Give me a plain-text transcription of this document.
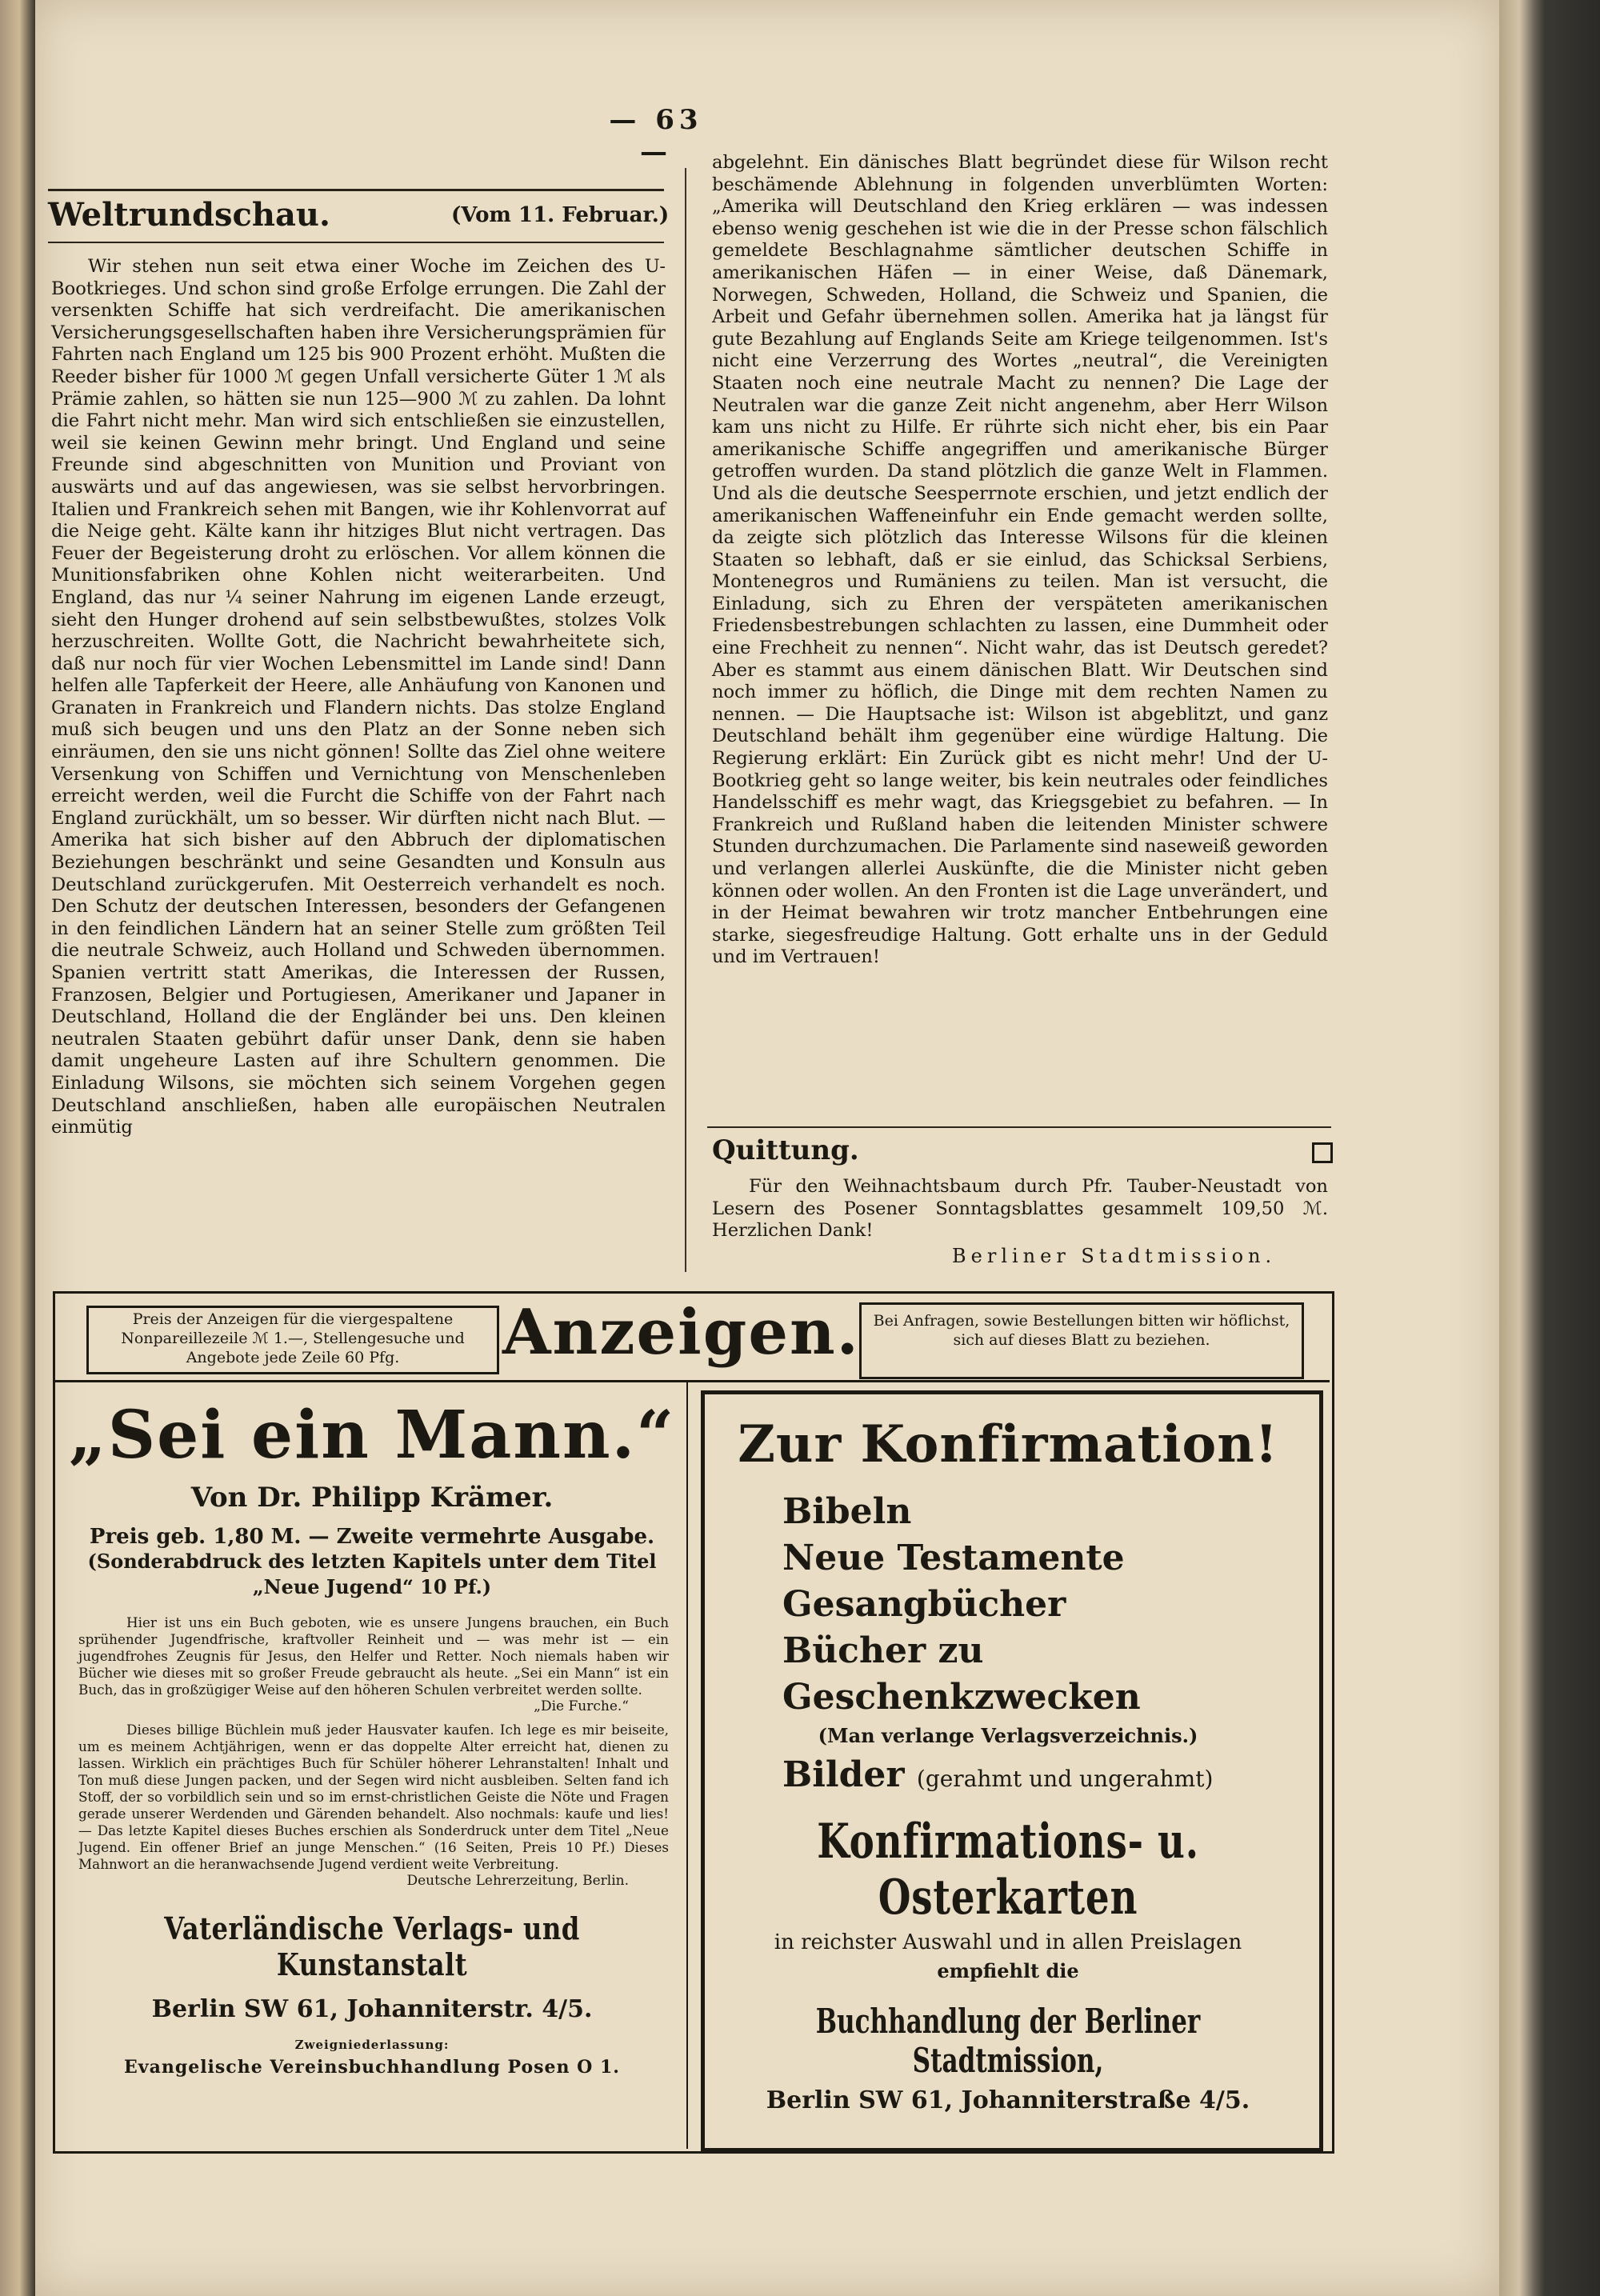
— 63 —
Weltrundschau.	(Vom 11. Februar.)

Wir stehen nun seit etwa einer Woche im Zeichen des U-Bootkrieges. Und schon sind große Erfolge errungen. Die Zahl der versenkten Schiffe hat sich verdreifacht. Die amerikanischen Versicherungsgesellschaften haben ihre Versicherungsprämien für Fahrten nach England um 125 bis 900 Prozent erhöht. Mußten die Reeder bisher für 1000 ℳ gegen Unfall versicherte Güter 1 ℳ als Prämie zahlen, so hätten sie nun 125—900 ℳ zu zahlen. Da lohnt die Fahrt nicht mehr. Man wird sich entschließen sie einzustellen, weil sie keinen Gewinn mehr bringt. Und England und seine Freunde sind abgeschnitten von Munition und Proviant von auswärts und auf das angewiesen, was sie selbst hervorbringen. Italien und Frankreich sehen mit Bangen, wie ihr Kohlenvorrat auf die Neige geht. Kälte kann ihr hitziges Blut nicht vertragen. Das Feuer der Begeisterung droht zu erlöschen. Vor allem können die Munitionsfabriken ohne Kohlen nicht weiterarbeiten. Und England, das nur ¼ seiner Nahrung im eigenen Lande erzeugt, sieht den Hunger drohend auf sein selbstbewußtes, stolzes Volk herzuschreiten. Wollte Gott, die Nachricht bewahrheitete sich, daß nur noch für vier Wochen Lebensmittel im Lande sind! Dann helfen alle Tapferkeit der Heere, alle Anhäufung von Kanonen und Granaten in Frankreich und Flandern nichts. Das stolze England muß sich beugen und uns den Platz an der Sonne neben sich einräumen, den sie uns nicht gönnen! Sollte das Ziel ohne weitere Versenkung von Schiffen und Vernichtung von Menschenleben erreicht werden, weil die Furcht die Schiffe von der Fahrt nach England zurückhält, um so besser. Wir dürften nicht nach Blut. — Amerika hat sich bisher auf den Abbruch der diplomatischen Beziehungen beschränkt und seine Gesandten und Konsuln aus Deutschland zurückgerufen. Mit Oesterreich verhandelt es noch. Den Schutz der deutschen Interessen, besonders der Gefangenen in den feindlichen Ländern hat an seiner Stelle zum größten Teil die neutrale Schweiz, auch Holland und Schweden übernommen. Spanien vertritt statt Amerikas, die Interessen der Russen, Franzosen, Belgier und Portugiesen, Amerikaner und Japaner in Deutschland, Holland die der Engländer bei uns. Den kleinen neutralen Staaten gebührt dafür unser Dank, denn sie haben damit ungeheure Lasten auf ihre Schultern genommen. Die Einladung Wilsons, sie möchten sich seinem Vorgehen gegen Deutschland anschließen, haben alle europäischen Neutralen einmütig

abgelehnt. Ein dänisches Blatt begründet diese für Wilson recht beschämende Ablehnung in folgenden unverblümten Worten: „Amerika will Deutschland den Krieg erklären — was indessen ebenso wenig geschehen ist wie die in der Presse schon fälschlich gemeldete Beschlagnahme sämtlicher deutschen Schiffe in amerikanischen Häfen — in einer Weise, daß Dänemark, Norwegen, Schweden, Holland, die Schweiz und Spanien, die Arbeit und Gefahr übernehmen sollen. Amerika hat ja längst für gute Bezahlung auf Englands Seite am Kriege teilgenommen. Ist's nicht eine Verzerrung des Wortes „neutral“, die Vereinigten Staaten noch eine neutrale Macht zu nennen? Die Lage der Neutralen war die ganze Zeit nicht angenehm, aber Herr Wilson kam uns nicht zu Hilfe. Er rührte sich nicht eher, bis ein Paar amerikanische Schiffe angegriffen und amerikanische Bürger getroffen wurden. Da stand plötzlich die ganze Welt in Flammen. Und als die deutsche Seesperrnote erschien, und jetzt endlich der amerikanischen Waffeneinfuhr ein Ende gemacht werden sollte, da zeigte sich plötzlich das Interesse Wilsons für die kleinen Staaten so lebhaft, daß er sie einlud, das Schicksal Serbiens, Montenegros und Rumäniens zu teilen. Man ist versucht, die Einladung, sich zu Ehren der verspäteten amerikanischen Friedensbestrebungen schlachten zu lassen, eine Dummheit oder eine Frechheit zu nennen“. Nicht wahr, das ist Deutsch geredet? Aber es stammt aus einem dänischen Blatt. Wir Deutschen sind noch immer zu höflich, die Dinge mit dem rechten Namen zu nennen. — Die Hauptsache ist: Wilson ist abgeblitzt, und ganz Deutschland behält ihm gegenüber eine würdige Haltung. Die Regierung erklärt: Ein Zurück gibt es nicht mehr! Und der U-Bootkrieg geht so lange weiter, bis kein neutrales oder feindliches Handelsschiff es mehr wagt, das Kriegsgebiet zu befahren. — In Frankreich und Rußland haben die leitenden Minister schwere Stunden durchzumachen. Die Parlamente sind naseweiß geworden und verlangen allerlei Auskünfte, die die Minister nicht geben können oder wollen. An den Fronten ist die Lage unverändert, und in der Heimat bewahren wir trotz mancher Entbehrungen eine starke, siegesfreudige Haltung. Gott erhalte uns in der Geduld und im Vertrauen!

Quittung.
Für den Weihnachtsbaum durch Pfr. Tauber-Neustadt von Lesern des Posener Sonntagsblattes gesammelt 109,50 ℳ. Herzlichen Dank!
Berliner Stadtmission.
Preis der Anzeigen für die viergespaltene Nonpareillezeile ℳ 1.—, Stellengesuche und Angebote jede Zeile 60 Pfg.	Anzeigen. Bei Anfragen, sowie Bestellungen bitten wir höflichst, sich auf dieses Blatt zu beziehen.
„Sei ein Mann.“
Von Dr. Philipp Krämer.
Preis geb. 1,80 M. — Zweite vermehrte Ausgabe.
(Sonderabdruck des letzten Kapitels unter dem Titel
„Neue Jugend“ 10 Pf.)

Hier ist uns ein Buch geboten, wie es unsere Jungens brauchen, ein Buch sprühender Jugendfrische, kraftvoller Reinheit und — was mehr ist — ein jugendfrohes Zeugnis für Jesus, den Helfer und Retter. Noch niemals haben wir Bücher wie dieses mit so großer Freude gebraucht als heute. „Sei ein Mann“ ist ein Buch, das in großzügiger Weise auf den höheren Schulen verbreitet werden sollte.

„Die Furche.“

Dieses billige Büchlein muß jeder Hausvater kaufen. Ich lege es mir beiseite, um es meinem Achtjährigen, wenn er das doppelte Alter erreicht hat, dienen zu lassen. Wirklich ein prächtiges Buch für Schüler höherer Lehranstalten! Inhalt und Ton muß diese Jungen packen, und der Segen wird nicht ausbleiben. Selten fand ich Stoff, der so vorbildlich sein und so im ernst-christlichen Geiste die Nöte und Fragen gerade unserer Werdenden und Gärenden behandelt. Also nochmals: kaufe und lies! — Das letzte Kapitel dieses Buches erschien als Sonderdruck unter dem Titel „Neue Jugend. Ein offener Brief an junge Menschen.“ (16 Seiten, Preis 10 Pf.) Dieses Mahnwort an die heranwachsende Jugend verdient weite Verbreitung.

Deutsche Lehrerzeitung, Berlin.
Vaterländische Verlags- und Kunstanstalt
Berlin SW 61, Johanniterstr. 4/5.
Zweigniederlassung:
Evangelische Vereinsbuchhandlung Posen O 1.
Zur Konfirmation!
Bibeln
Neue Testamente
Gesangbücher
Bücher zu Geschenkzwecken
(Man verlange Verlagsverzeichnis.)
Bilder (gerahmt und ungerahmt)
Konfirmations- u. Osterkarten
in reichster Auswahl und in allen Preislagen
empfiehlt die
Buchhandlung der Berliner Stadtmission,
Berlin SW 61, Johanniterstraße 4/5.
